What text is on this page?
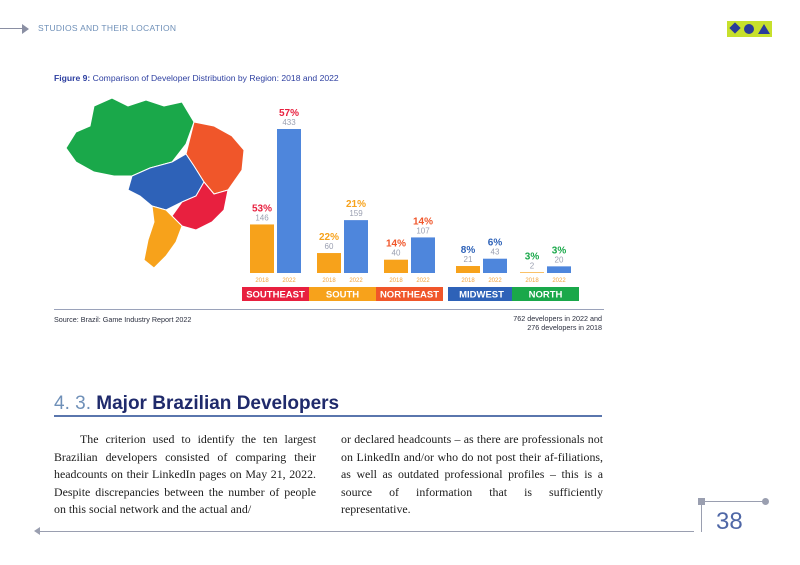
STUDIOS AND THEIR LOCATION
Figure 9: Comparison of Developer Distribution by Region: 2018 and 2022
53%
146
2018
57%
433
2022
SOUTHEAST
22%
60
2018
21%
159
2022
SOUTH
14%
40
2018
14%
107
2022
NORTHEAST
8%
21
2018
6%
43
2022
MIDWEST
3%
2
2018
3%
20
2022
NORTH
Source: Brazil: Game Industry Report 2022	762 developers in 2022 and
276 developers in 2018
4. 3. Major Brazilian Developers
The criterion used to identify the ten largest Brazilian developers consisted of comparing their headcounts on their LinkedIn pages on May 21, 2022. Despite discrepancies between the number of people on this social network and the actual and/
or declared headcounts – as there are professionals not on LinkedIn and/or who do not post their af-filiations, as well as outdated professional profiles – this is a source of information that is sufficiently representative.	38
